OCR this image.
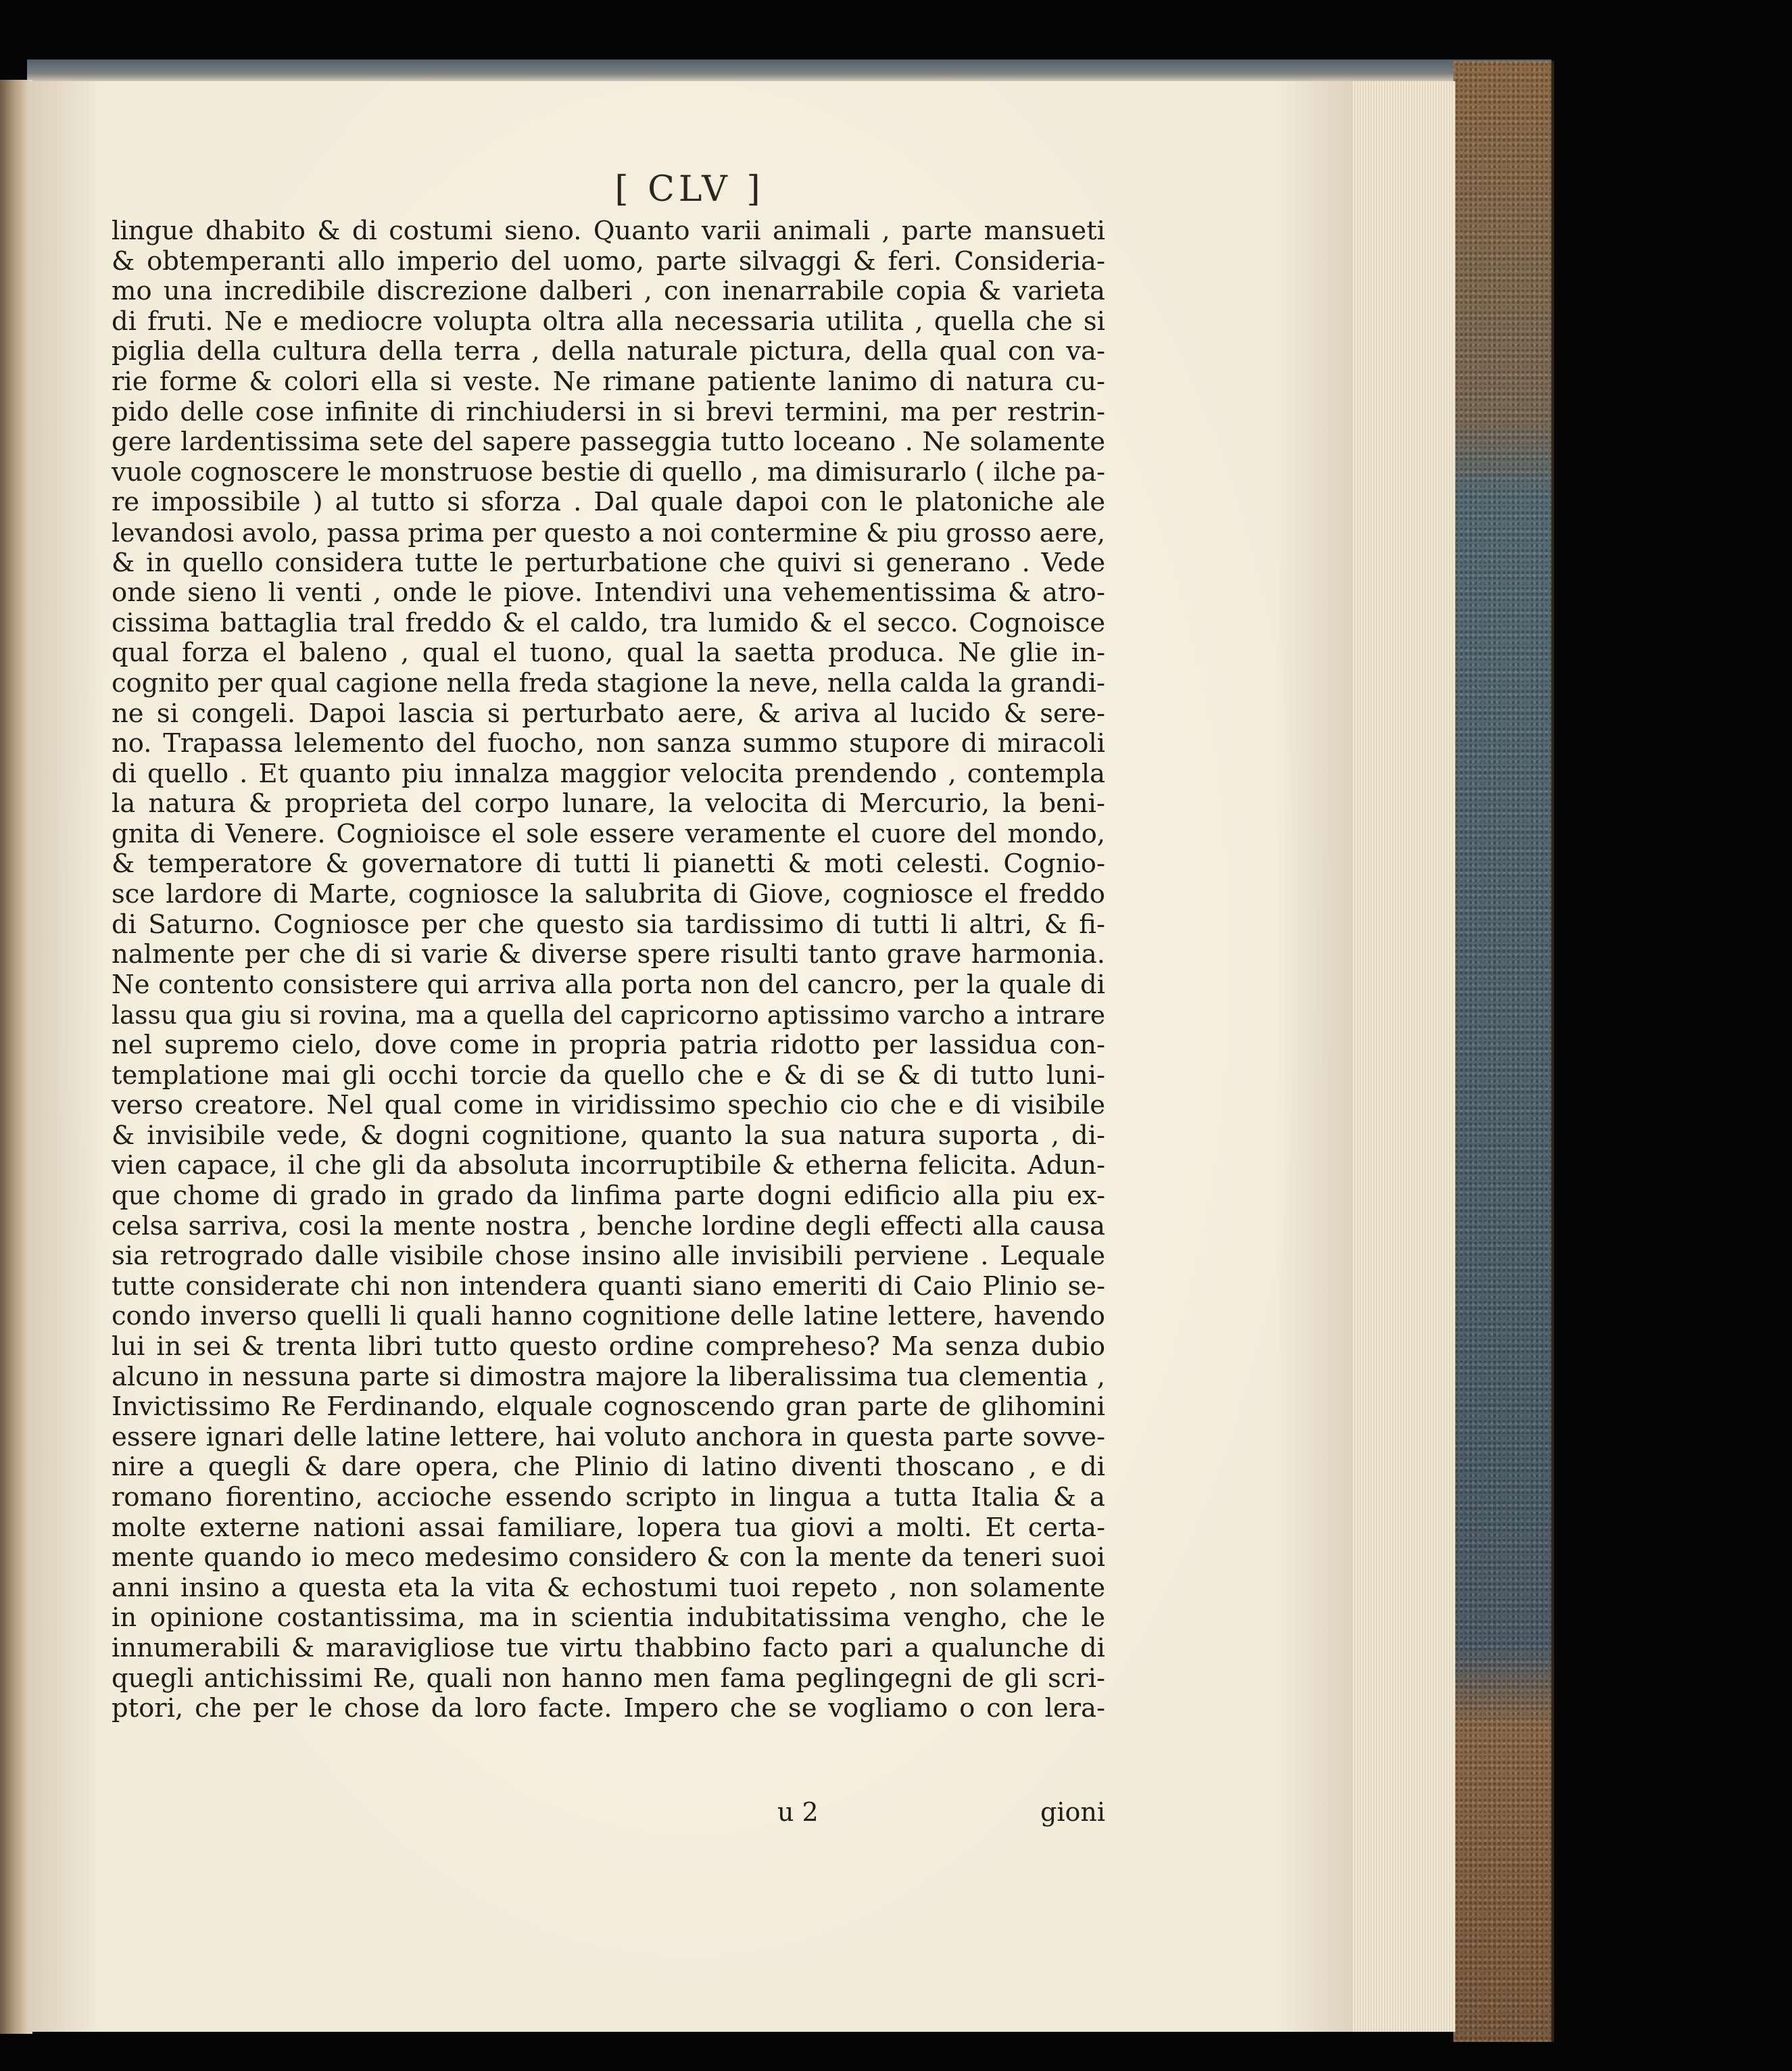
[ CLV ]
lingue dhabito & di costumi sieno. Quanto varii animali , parte mansueti
& obtemperanti allo imperio del uomo, parte silvaggi & feri. Consideria-
mo una incredibile discrezione dalberi , con inenarrabile copia & varieta
di fruti. Ne e mediocre volupta oltra alla necessaria utilita , quella che si
piglia della cultura della terra , della naturale pictura, della qual con va-
rie forme & colori ella si veste. Ne rimane patiente lanimo di natura cu-
pido delle cose infinite di rinchiudersi in si brevi termini, ma per restrin-
gere lardentissima sete del sapere passeggia tutto loceano . Ne solamente
vuole cognoscere le monstruose bestie di quello , ma dimisurarlo ( ilche pa-
re impossibile ) al tutto si sforza . Dal quale dapoi con le platoniche ale
levandosi avolo, passa prima per questo a noi contermine & piu grosso aere,
& in quello considera tutte le perturbatione che quivi si generano . Vede
onde sieno li venti , onde le piove. Intendivi una vehementissima & atro-
cissima battaglia tral freddo & el caldo, tra lumido & el secco. Cognoisce
qual forza el baleno , qual el tuono, qual la saetta produca. Ne glie in-
cognito per qual cagione nella freda stagione la neve, nella calda la grandi-
ne si congeli. Dapoi lascia si perturbato aere, & ariva al lucido & sere-
no. Trapassa lelemento del fuocho, non sanza summo stupore di miracoli
di quello . Et quanto piu innalza maggior velocita prendendo , contempla
la natura & proprieta del corpo lunare, la velocita di Mercurio, la beni-
gnita di Venere. Cognioisce el sole essere veramente el cuore del mondo,
& temperatore & governatore di tutti li pianetti & moti celesti. Cognio-
sce lardore di Marte, cogniosce la salubrita di Giove, cogniosce el freddo
di Saturno. Cogniosce per che questo sia tardissimo di tutti li altri, & fi-
nalmente per che di si varie & diverse spere risulti tanto grave harmonia.
Ne contento consistere qui arriva alla porta non del cancro, per la quale di
lassu qua giu si rovina, ma a quella del capricorno aptissimo varcho a intrare
nel supremo cielo, dove come in propria patria ridotto per lassidua con-
templatione mai gli occhi torcie da quello che e & di se & di tutto luni-
verso creatore. Nel qual come in viridissimo spechio cio che e di visibile
& invisibile vede, & dogni cognitione, quanto la sua natura suporta , di-
vien capace, il che gli da absoluta incorruptibile & etherna felicita. Adun-
que chome di grado in grado da linfima parte dogni edificio alla piu ex-
celsa sarriva, cosi la mente nostra , benche lordine degli effecti alla causa
sia retrogrado dalle visibile chose insino alle invisibili perviene . Lequale
tutte considerate chi non intendera quanti siano emeriti di Caio Plinio se-
condo inverso quelli li quali hanno cognitione delle latine lettere, havendo
lui in sei & trenta libri tutto questo ordine comprehesо? Ma senza dubio
alcuno in nessuna parte si dimostra majore la liberalissima tua clementia ,
Invictissimo Re Ferdinando, elquale cognoscendo gran parte de glihomini
essere ignari delle latine lettere, hai voluto anchora in questa parte sovve-
nire a quegli & dare opera, che Plinio di latino diventi thoscano , e di
romano fiorentino, accioche essendo scripto in lingua a tutta Italia & a
molte externe nationi assai familiare, lopera tua giovi a molti. Et certa-
mente quando io meco medesimo considero & con la mente da teneri suoi
anni insino a questa eta la vita & echostumi tuoi repeto , non solamente
in opinione costantissima, ma in scientia indubitatissima vengho, che le
innumerabili & maravigliose tue virtu thabbino facto pari a qualunche di
quegli antichissimi Re, quali non hanno men fama peglingegni de gli scri-
ptori, che per le chose da loro facte. Impero che se vogliamo o con lera-
u 2	gioni
